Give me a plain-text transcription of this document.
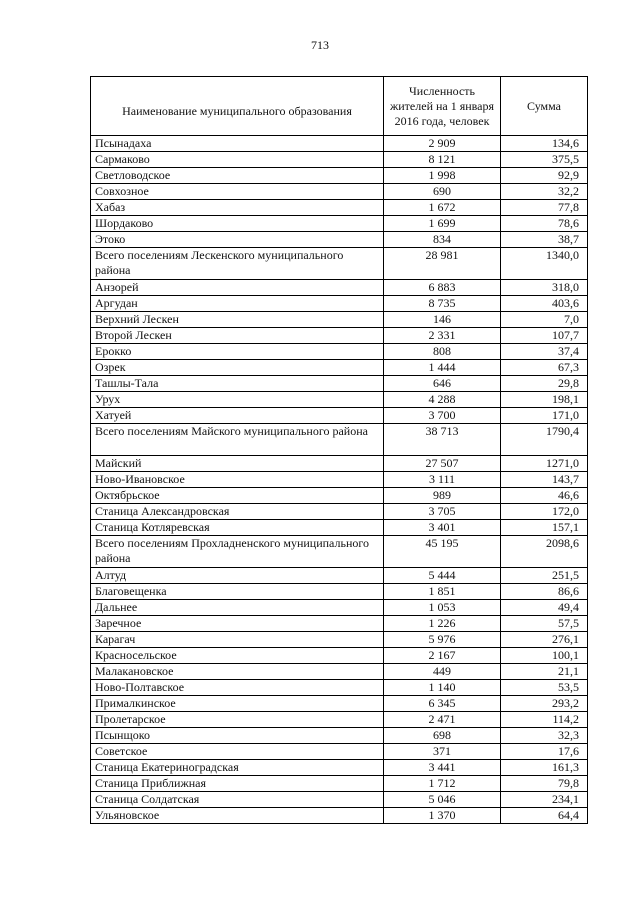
713
Наименование муниципального образования	Численность жителей на 1 января 2016 года, человек	Сумма
Псынадаха	2 909	134,6
Сармаково	8 121	375,5
Светловодское	1 998	92,9
Совхозное	690	32,2
Хабаз	1 672	77,8
Шордаково	1 699	78,6
Этоко	834	38,7
Всего поселениям Лескенского муниципального района	28 981	1340,0
Анзорей	6 883	318,0
Аргудан	8 735	403,6
Верхний Лескен	146	7,0
Второй Лескен	2 331	107,7
Ерокко	808	37,4
Озрек	1 444	67,3
Ташлы-Тала	646	29,8
Урух	4 288	198,1
Хатуей	3 700	171,0
Всего поселениям Майского муниципального района	38 713	1790,4
Майский	27 507	1271,0
Ново-Ивановское	3 111	143,7
Октябрьское	989	46,6
Станица Александровская	3 705	172,0
Станица Котляревская	3 401	157,1
Всего поселениям Прохладненского муниципального района	45 195	2098,6
Алтуд	5 444	251,5
Благовещенка	1 851	86,6
Дальнее	1 053	49,4
Заречное	1 226	57,5
Карагач	5 976	276,1
Красносельское	2 167	100,1
Малакановское	449	21,1
Ново-Полтавское	1 140	53,5
Прималкинское	6 345	293,2
Пролетарское	2 471	114,2
Псынщоко	698	32,3
Советское	371	17,6
Станица Екатериноградская	3 441	161,3
Станица Приближная	1 712	79,8
Станица Солдатская	5 046	234,1
Ульяновское	1 370	64,4
